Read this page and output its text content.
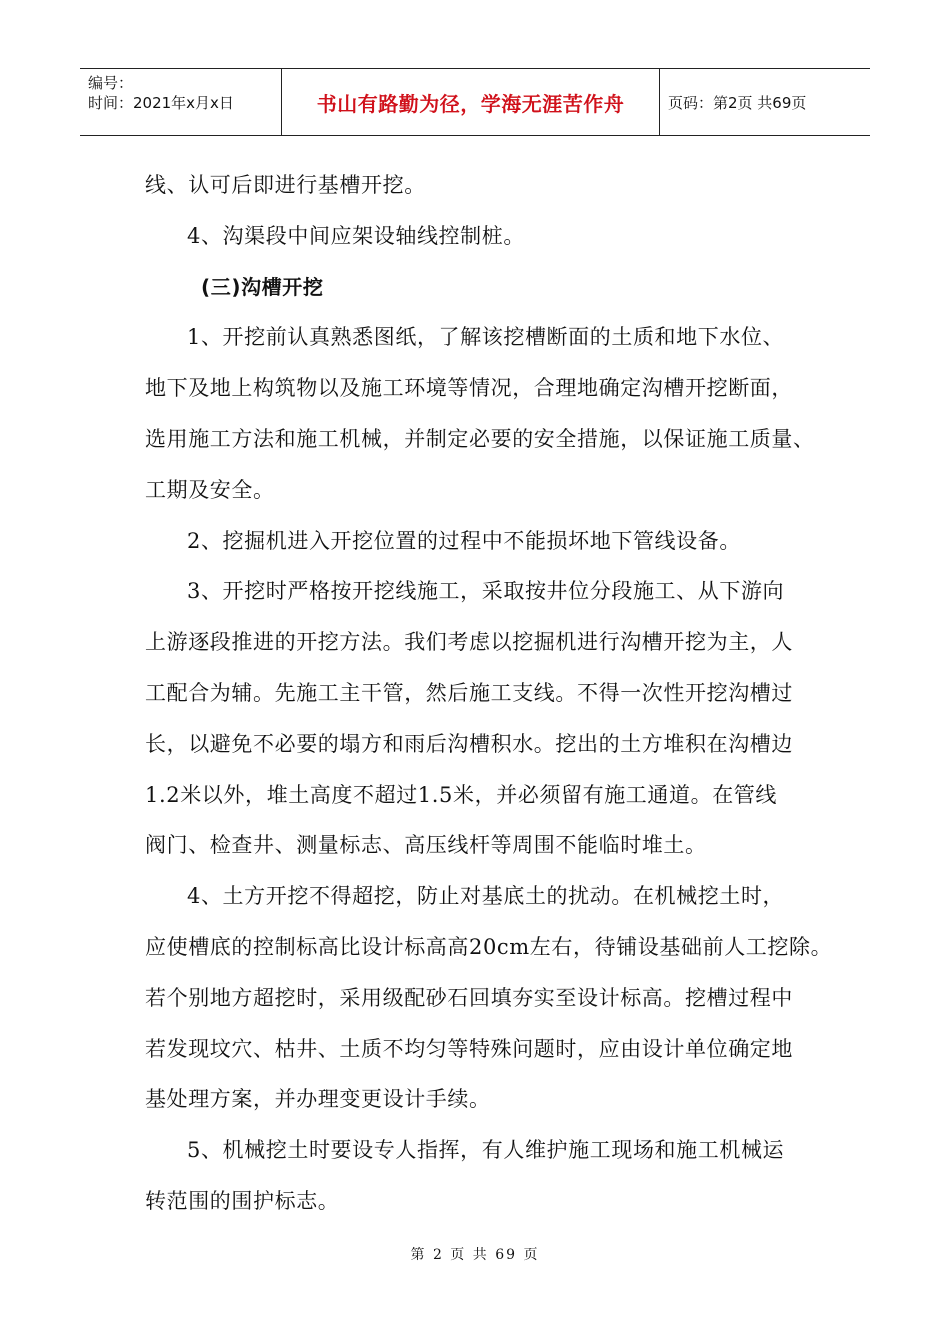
编号：
时间：2021年x月x日	书山有路勤为径，学海无涯苦作舟	页码：第2页 共69页
线、认可后即进行基槽开挖。
4、沟渠段中间应架设轴线控制桩。
(三)沟槽开挖
1、开挖前认真熟悉图纸，了解该挖槽断面的土质和地下水位、
地下及地上构筑物以及施工环境等情况，合理地确定沟槽开挖断面，
选用施工方法和施工机械，并制定必要的安全措施，以保证施工质量、
工期及安全。
2、挖掘机进入开挖位置的过程中不能损坏地下管线设备。
3、开挖时严格按开挖线施工，采取按井位分段施工、从下游向
上游逐段推进的开挖方法。我们考虑以挖掘机进行沟槽开挖为主，人
工配合为辅。先施工主干管，然后施工支线。不得一次性开挖沟槽过
长，以避免不必要的塌方和雨后沟槽积水。挖出的土方堆积在沟槽边
1.2米以外，堆土高度不超过1.5米，并必须留有施工通道。在管线
阀门、检查井、测量标志、高压线杆等周围不能临时堆土。
4、土方开挖不得超挖，防止对基底土的扰动。在机械挖土时，
应使槽底的控制标高比设计标高高20cm左右，待铺设基础前人工挖除。
若个别地方超挖时，采用级配砂石回填夯实至设计标高。挖槽过程中
若发现坟穴、枯井、土质不均匀等特殊问题时，应由设计单位确定地
基处理方案，并办理变更设计手续。
5、机械挖土时要设专人指挥，有人维护施工现场和施工机械运
转范围的围护标志。
第 2 页 共 69 页
